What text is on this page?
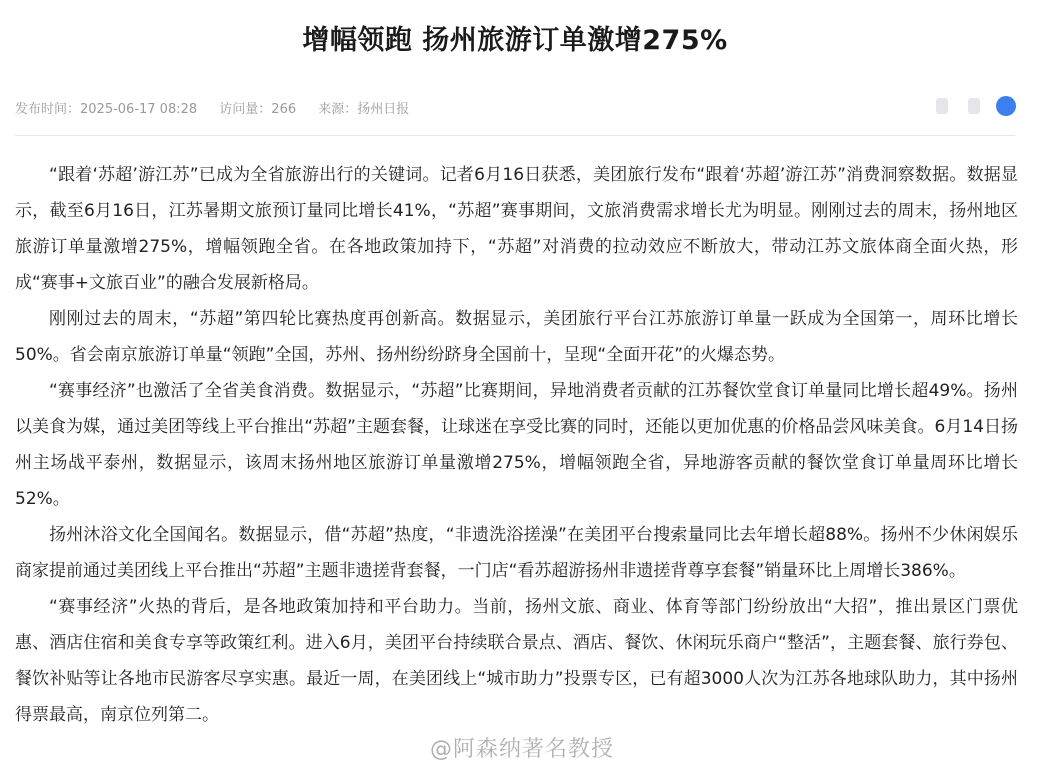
增幅领跑 扬州旅游订单激增275%
发布时间：2025-06-17 08:28 访问量：266 来源：扬州日报

“跟着‘苏超’游江苏”已成为全省旅游出行的关键词。记者6月16日获悉，美团旅行发布“跟着‘苏超’游江苏”消费洞察数据。数据显示，截至6月16日，江苏暑期文旅预订量同比增长41%，“苏超”赛事期间，文旅消费需求增长尤为明显。刚刚过去的周末，扬州地区旅游订单量激增275%，增幅领跑全省。在各地政策加持下，“苏超”对消费的拉动效应不断放大，带动江苏文旅体商全面火热，形成“赛事+文旅百业”的融合发展新格局。

刚刚过去的周末，“苏超”第四轮比赛热度再创新高。数据显示，美团旅行平台江苏旅游订单量一跃成为全国第一，周环比增长50%。省会南京旅游订单量“领跑”全国，苏州、扬州纷纷跻身全国前十，呈现“全面开花”的火爆态势。

“赛事经济”也激活了全省美食消费。数据显示，“苏超”比赛期间，异地消费者贡献的江苏餐饮堂食订单量同比增长超49%。扬州以美食为媒，通过美团等线上平台推出“苏超”主题套餐，让球迷在享受比赛的同时，还能以更加优惠的价格品尝风味美食。6月14日扬州主场战平泰州，数据显示，该周末扬州地区旅游订单量激增275%，增幅领跑全省，异地游客贡献的餐饮堂食订单量周环比增长52%。

扬州沐浴文化全国闻名。数据显示，借“苏超”热度，“非遗洗浴搓澡”在美团平台搜索量同比去年增长超88%。扬州不少休闲娱乐商家提前通过美团线上平台推出“苏超”主题非遗搓背套餐，一门店“看苏超游扬州非遗搓背尊享套餐”销量环比上周增长386%。

“赛事经济”火热的背后，是各地政策加持和平台助力。当前，扬州文旅、商业、体育等部门纷纷放出“大招”，推出景区门票优惠、酒店住宿和美食专享等政策红利。进入6月，美团平台持续联合景点、酒店、餐饮、休闲玩乐商户“整活”，主题套餐、旅行券包、餐饮补贴等让各地市民游客尽享实惠。最近一周，在美团线上“城市助力”投票专区，已有超3000人次为江苏各地球队助力，其中扬州得票最高，南京位列第二。

@阿森纳著名教授
